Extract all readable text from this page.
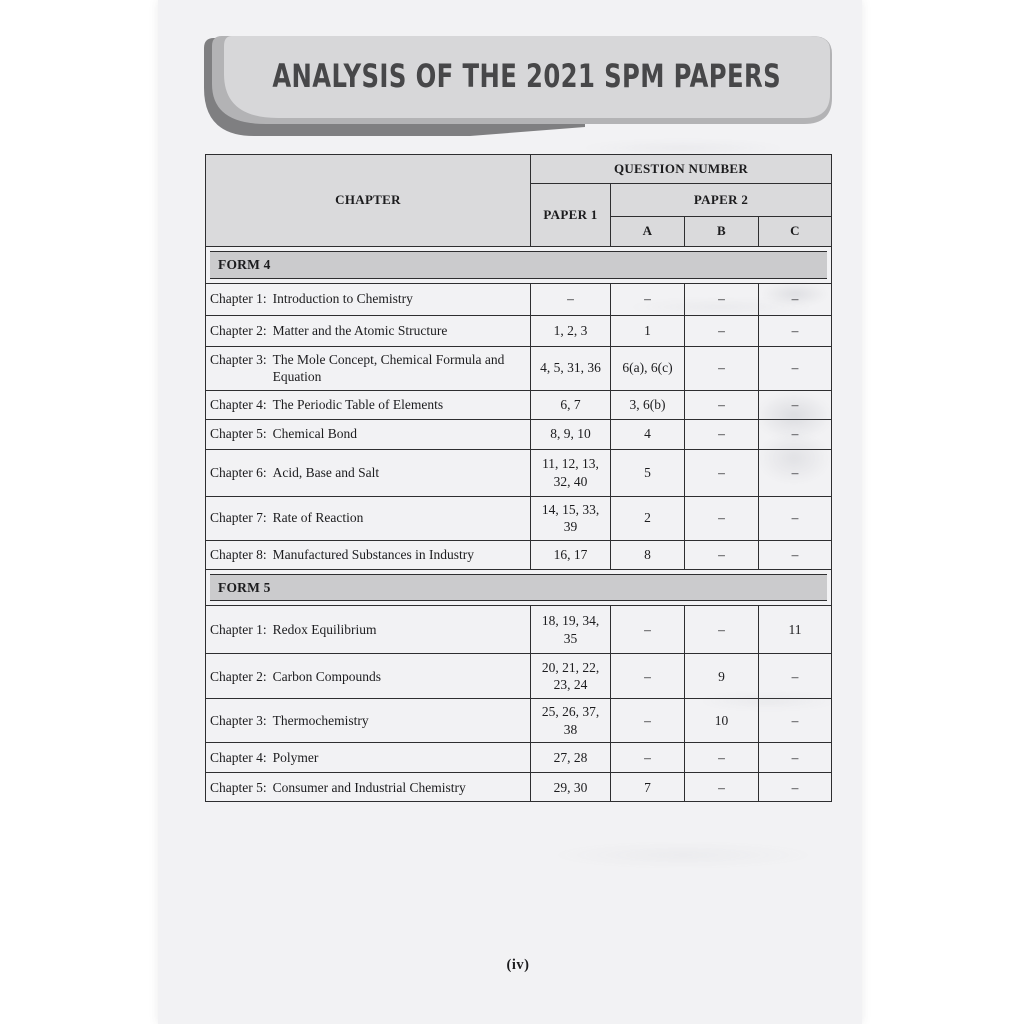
ANALYSIS OF THE 2021 SPM PAPERS
CHAPTER	QUESTION NUMBER			
	PAPER 1	PAPER 2		
		A	B	C

FORM 4				

Chapter 1: Introduction to Chemistry	–	–	–	–

Chapter 2: Matter and the Atomic Structure	1, 2, 3	1	–	–

Chapter 3: The Mole Concept, Chemical Formula and Equation	4, 5, 31, 36	6(a), 6(c)	–	–

Chapter 4: The Periodic Table of Elements	6, 7	3, 6(b)	–	–

Chapter 5: Chemical Bond	8, 9, 10	4	–	–

Chapter 6: Acid, Base and Salt	11, 12, 13, 32, 40	5	–	–

Chapter 7: Rate of Reaction	14, 15, 33, 39	2	–	–

Chapter 8: Manufactured Substances in Industry	16, 17	8	–	–

FORM 5				

Chapter 1: Redox Equilibrium	18, 19, 34, 35	–	–	11

Chapter 2: Carbon Compounds	20, 21, 22, 23, 24	–	9	–

Chapter 3: Thermochemistry	25, 26, 37, 38	–	10	–

Chapter 4: Polymer	27, 28	–	–	–

Chapter 5: Consumer and Industrial Chemistry	29, 30	7	–	–
(iv)
